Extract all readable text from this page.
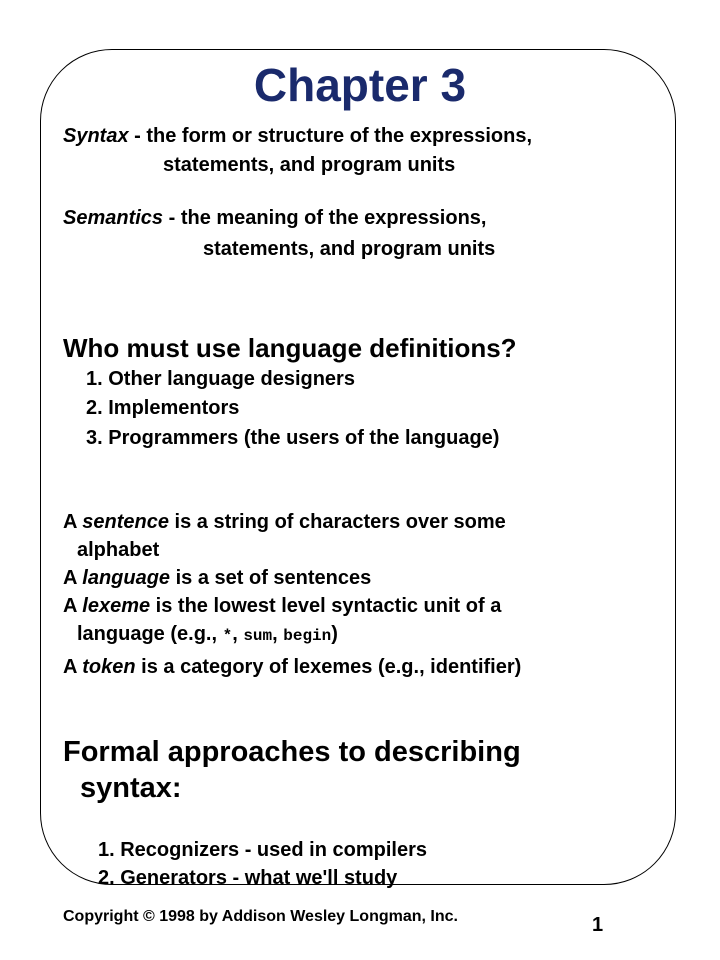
Chapter 3
Syntax - the form or structure of the expressions,
statements, and program units
Semantics - the meaning of the expressions,
statements, and program units
Who must use language definitions?
1. Other language designers
2. Implementors
3. Programmers (the users of the language)
A sentence is a string of characters over some
alphabet
A language is a set of sentences
A lexeme is the lowest level syntactic unit of a
language (e.g., *, sum, begin)
A token is a category of lexemes (e.g., identifier)
Formal approaches to describing
syntax:
1. Recognizers - used in compilers
2. Generators - what we'll study
Copyright © 1998 by Addison Wesley Longman, Inc.	1
